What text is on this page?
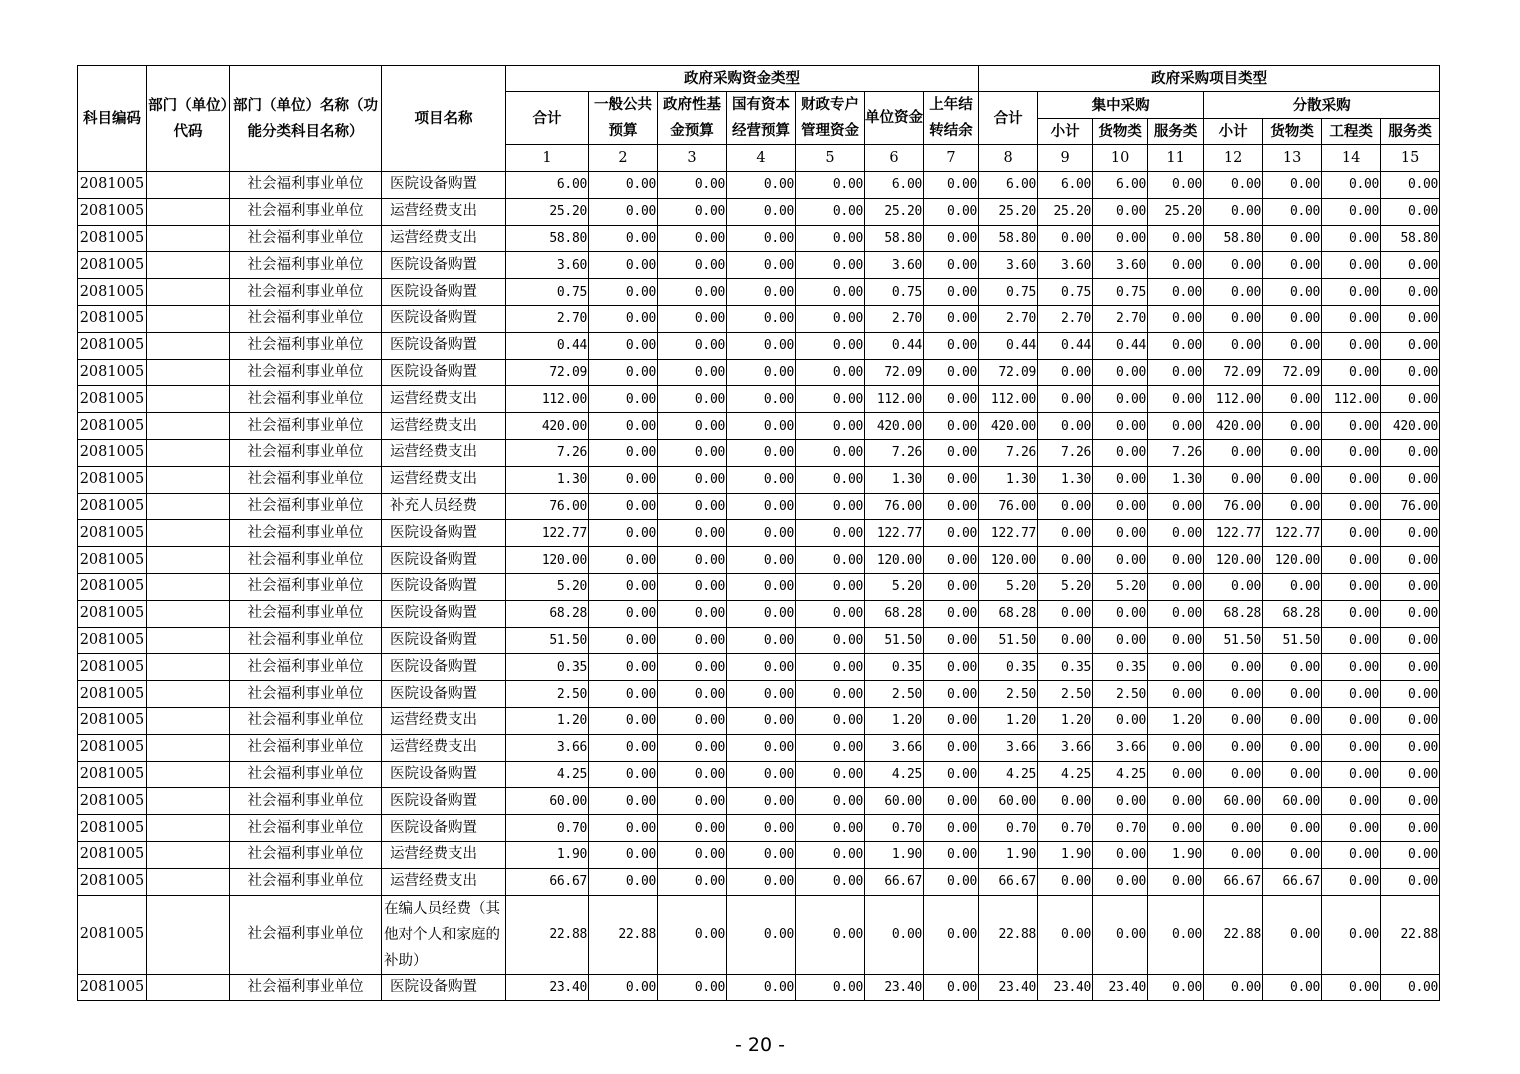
科目编码	部门（单位）代码	部门（单位）名称（功能分类科目名称）	项目名称	政府采购资金类型							政府采购项目类型							
				合计	一般公共预算	政府性基金预算	国有资本经营预算	财政专户管理资金	单位资金	上年结转结余	合计	集中采购			分散采购			
												小计	货物类	服务类	小计	货物类	工程类	服务类
				1	2	3	4	5	6	7	8	9	10	11	12	13	14	15
2081005		社会福利事业单位	医院设备购置	6.00	0.00	0.00	0.00	0.00	6.00	0.00	6.00	6.00	6.00	0.00	0.00	0.00	0.00	0.00
2081005		社会福利事业单位	运营经费支出	25.20	0.00	0.00	0.00	0.00	25.20	0.00	25.20	25.20	0.00	25.20	0.00	0.00	0.00	0.00
2081005		社会福利事业单位	运营经费支出	58.80	0.00	0.00	0.00	0.00	58.80	0.00	58.80	0.00	0.00	0.00	58.80	0.00	0.00	58.80
2081005		社会福利事业单位	医院设备购置	3.60	0.00	0.00	0.00	0.00	3.60	0.00	3.60	3.60	3.60	0.00	0.00	0.00	0.00	0.00
2081005		社会福利事业单位	医院设备购置	0.75	0.00	0.00	0.00	0.00	0.75	0.00	0.75	0.75	0.75	0.00	0.00	0.00	0.00	0.00
2081005		社会福利事业单位	医院设备购置	2.70	0.00	0.00	0.00	0.00	2.70	0.00	2.70	2.70	2.70	0.00	0.00	0.00	0.00	0.00
2081005		社会福利事业单位	医院设备购置	0.44	0.00	0.00	0.00	0.00	0.44	0.00	0.44	0.44	0.44	0.00	0.00	0.00	0.00	0.00
2081005		社会福利事业单位	医院设备购置	72.09	0.00	0.00	0.00	0.00	72.09	0.00	72.09	0.00	0.00	0.00	72.09	72.09	0.00	0.00
2081005		社会福利事业单位	运营经费支出	112.00	0.00	0.00	0.00	0.00	112.00	0.00	112.00	0.00	0.00	0.00	112.00	0.00	112.00	0.00
2081005		社会福利事业单位	运营经费支出	420.00	0.00	0.00	0.00	0.00	420.00	0.00	420.00	0.00	0.00	0.00	420.00	0.00	0.00	420.00
2081005		社会福利事业单位	运营经费支出	7.26	0.00	0.00	0.00	0.00	7.26	0.00	7.26	7.26	0.00	7.26	0.00	0.00	0.00	0.00
2081005		社会福利事业单位	运营经费支出	1.30	0.00	0.00	0.00	0.00	1.30	0.00	1.30	1.30	0.00	1.30	0.00	0.00	0.00	0.00
2081005		社会福利事业单位	补充人员经费	76.00	0.00	0.00	0.00	0.00	76.00	0.00	76.00	0.00	0.00	0.00	76.00	0.00	0.00	76.00
2081005		社会福利事业单位	医院设备购置	122.77	0.00	0.00	0.00	0.00	122.77	0.00	122.77	0.00	0.00	0.00	122.77	122.77	0.00	0.00
2081005		社会福利事业单位	医院设备购置	120.00	0.00	0.00	0.00	0.00	120.00	0.00	120.00	0.00	0.00	0.00	120.00	120.00	0.00	0.00
2081005		社会福利事业单位	医院设备购置	5.20	0.00	0.00	0.00	0.00	5.20	0.00	5.20	5.20	5.20	0.00	0.00	0.00	0.00	0.00
2081005		社会福利事业单位	医院设备购置	68.28	0.00	0.00	0.00	0.00	68.28	0.00	68.28	0.00	0.00	0.00	68.28	68.28	0.00	0.00
2081005		社会福利事业单位	医院设备购置	51.50	0.00	0.00	0.00	0.00	51.50	0.00	51.50	0.00	0.00	0.00	51.50	51.50	0.00	0.00
2081005		社会福利事业单位	医院设备购置	0.35	0.00	0.00	0.00	0.00	0.35	0.00	0.35	0.35	0.35	0.00	0.00	0.00	0.00	0.00
2081005		社会福利事业单位	医院设备购置	2.50	0.00	0.00	0.00	0.00	2.50	0.00	2.50	2.50	2.50	0.00	0.00	0.00	0.00	0.00
2081005		社会福利事业单位	运营经费支出	1.20	0.00	0.00	0.00	0.00	1.20	0.00	1.20	1.20	0.00	1.20	0.00	0.00	0.00	0.00
2081005		社会福利事业单位	运营经费支出	3.66	0.00	0.00	0.00	0.00	3.66	0.00	3.66	3.66	3.66	0.00	0.00	0.00	0.00	0.00
2081005		社会福利事业单位	医院设备购置	4.25	0.00	0.00	0.00	0.00	4.25	0.00	4.25	4.25	4.25	0.00	0.00	0.00	0.00	0.00
2081005		社会福利事业单位	医院设备购置	60.00	0.00	0.00	0.00	0.00	60.00	0.00	60.00	0.00	0.00	0.00	60.00	60.00	0.00	0.00
2081005		社会福利事业单位	医院设备购置	0.70	0.00	0.00	0.00	0.00	0.70	0.00	0.70	0.70	0.70	0.00	0.00	0.00	0.00	0.00
2081005		社会福利事业单位	运营经费支出	1.90	0.00	0.00	0.00	0.00	1.90	0.00	1.90	1.90	0.00	1.90	0.00	0.00	0.00	0.00
2081005		社会福利事业单位	运营经费支出	66.67	0.00	0.00	0.00	0.00	66.67	0.00	66.67	0.00	0.00	0.00	66.67	66.67	0.00	0.00
2081005		社会福利事业单位	在编人员经费（其他对个人和家庭的补助）	22.88	22.88	0.00	0.00	0.00	0.00	0.00	22.88	0.00	0.00	0.00	22.88	0.00	0.00	22.88
2081005		社会福利事业单位	医院设备购置	23.40	0.00	0.00	0.00	0.00	23.40	0.00	23.40	23.40	23.40	0.00	0.00	0.00	0.00	0.00
- 20 -
